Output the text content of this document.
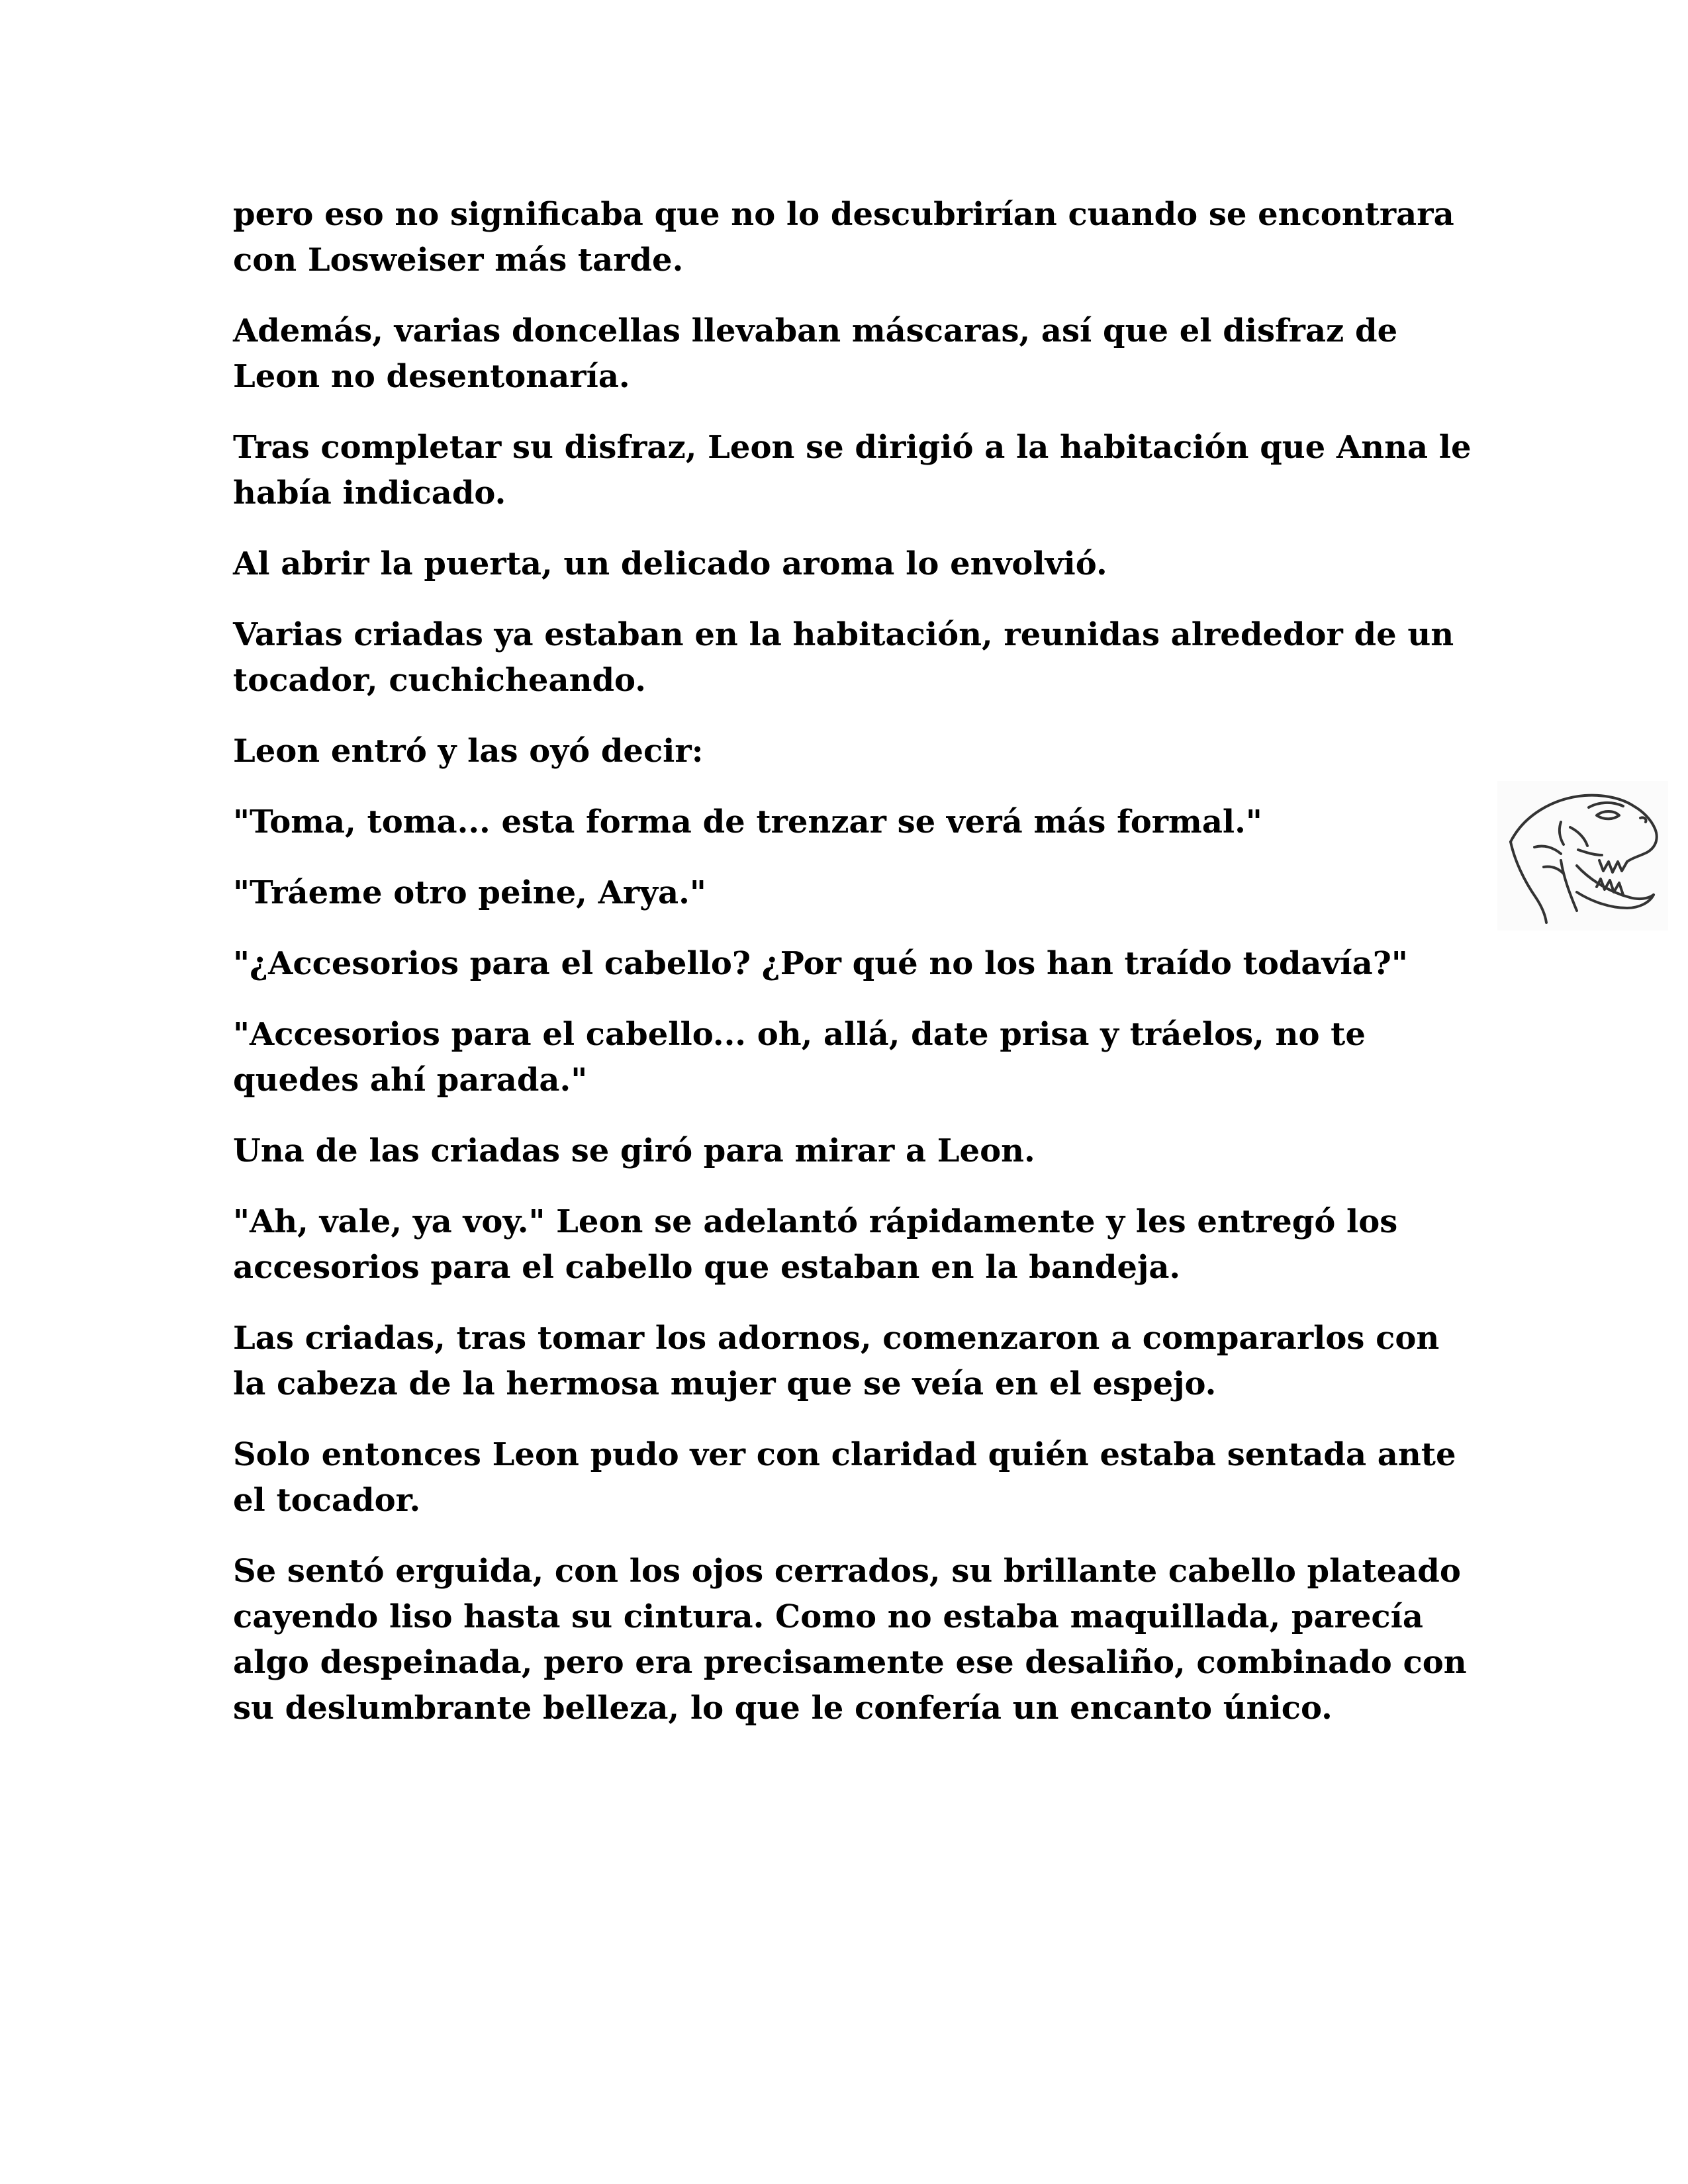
pero eso no significaba que no lo descubrirían cuando se encontrara con Losweiser más tarde.

Además, varias doncellas llevaban máscaras, así que el disfraz de Leon no desentonaría.

Tras completar su disfraz, Leon se dirigió a la habitación que Anna le había indicado.

Al abrir la puerta, un delicado aroma lo envolvió.

Varias criadas ya estaban en la habitación, reunidas alrededor de un tocador, cuchicheando.

Leon entró y las oyó decir:

"Toma, toma... esta forma de trenzar se verá más formal."

"Tráeme otro peine, Arya."

"¿Accesorios para el cabello? ¿Por qué no los han traído todavía?"

"Accesorios para el cabello... oh, allá, date prisa y tráelos, no te quedes ahí parada."

Una de las criadas se giró para mirar a Leon.

"Ah, vale, ya voy." Leon se adelantó rápidamente y les entregó los accesorios para el cabello que estaban en la bandeja.

Las criadas, tras tomar los adornos, comenzaron a compararlos con la cabeza de la hermosa mujer que se veía en el espejo.

Solo entonces Leon pudo ver con claridad quién estaba sentada ante el tocador.

Se sentó erguida, con los ojos cerrados, su brillante cabello plateado cayendo liso hasta su cintura. Como no estaba maquillada, parecía algo despeinada, pero era precisamente ese desaliño, combinado con su deslumbrante belleza, lo que le confería un encanto único.
